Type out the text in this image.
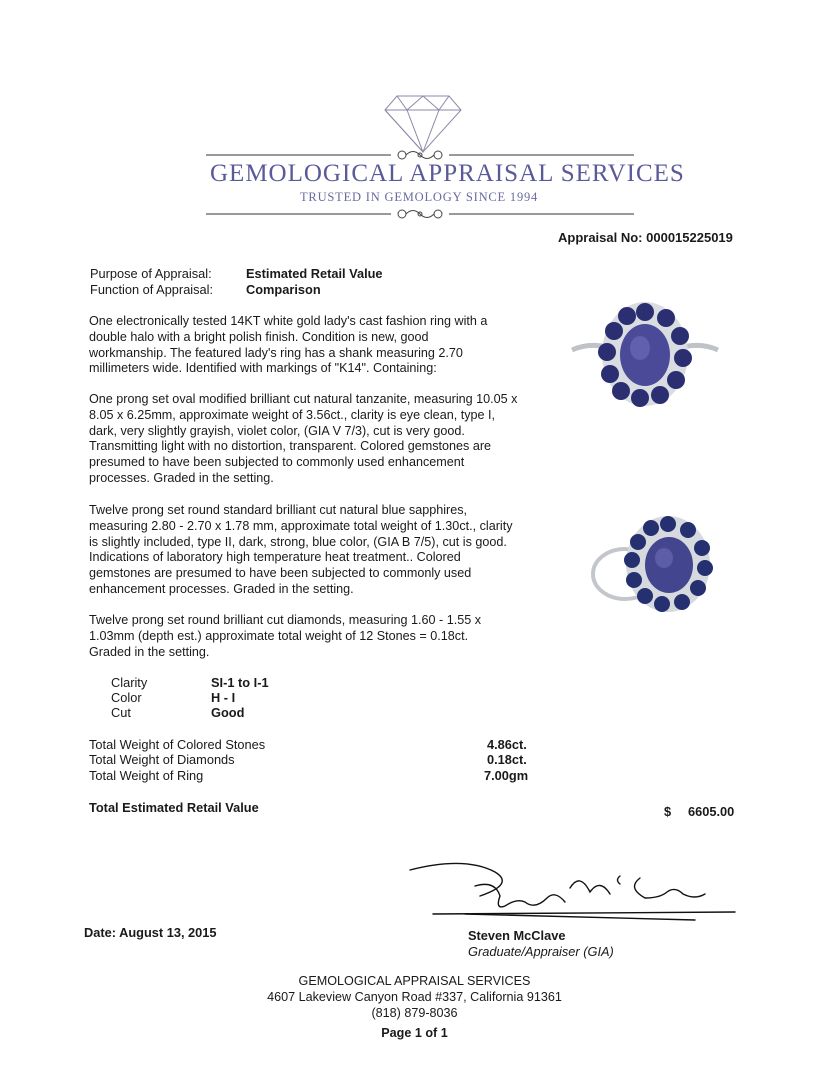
GEMOLOGICAL APPRAISAL SERVICES
TRUSTED IN GEMOLOGY SINCE 1994
Appraisal No: 000015225019
Purpose of Appraisal:	Estimated Retail Value
Function of Appraisal:	Comparison
One electronically tested 14KT white gold lady's cast fashion ring with a double halo with a bright polish finish. Condition is new, good workmanship. The featured lady's ring has a shank measuring 2.70 millimeters wide. Identified with markings of "K14". Containing:
One prong set oval modified brilliant cut natural tanzanite, measuring 10.05 x 8.05 x 6.25mm, approximate weight of 3.56ct., clarity is eye clean, type I, dark, very slightly grayish, violet color, (GIA V 7/3), cut is very good. Transmitting light with no distortion, transparent. Colored gemstones are presumed to have been subjected to commonly used enhancement processes. Graded in the setting.
Twelve prong set round standard brilliant cut natural blue sapphires, measuring 2.80 - 2.70 x 1.78 mm, approximate total weight of 1.30ct., clarity is slightly included, type II, dark, strong, blue color, (GIA B 7/5), cut is good. Indications of laboratory high temperature heat treatment.. Colored gemstones are presumed to have been subjected to commonly used enhancement processes. Graded in the setting.
Twelve prong set round brilliant cut diamonds, measuring 1.60 - 1.55 x 1.03mm (depth est.) approximate total weight of 12 Stones = 0.18ct. Graded in the setting.
Clarity	SI-1 to I-1
Color	H - I
Cut	Good
Total Weight of Colored Stones	4.86ct.
Total Weight of Diamonds	0.18ct.
Total Weight of Ring	7.00gm
Total Estimated Retail Value	$ 6605.00
Date: August 13, 2015	Steven McClave
Graduate/Appraiser (GIA)
GEMOLOGICAL APPRAISAL SERVICES
4607 Lakeview Canyon Road #337, California 91361
(818) 879-8036
Page 1 of 1
